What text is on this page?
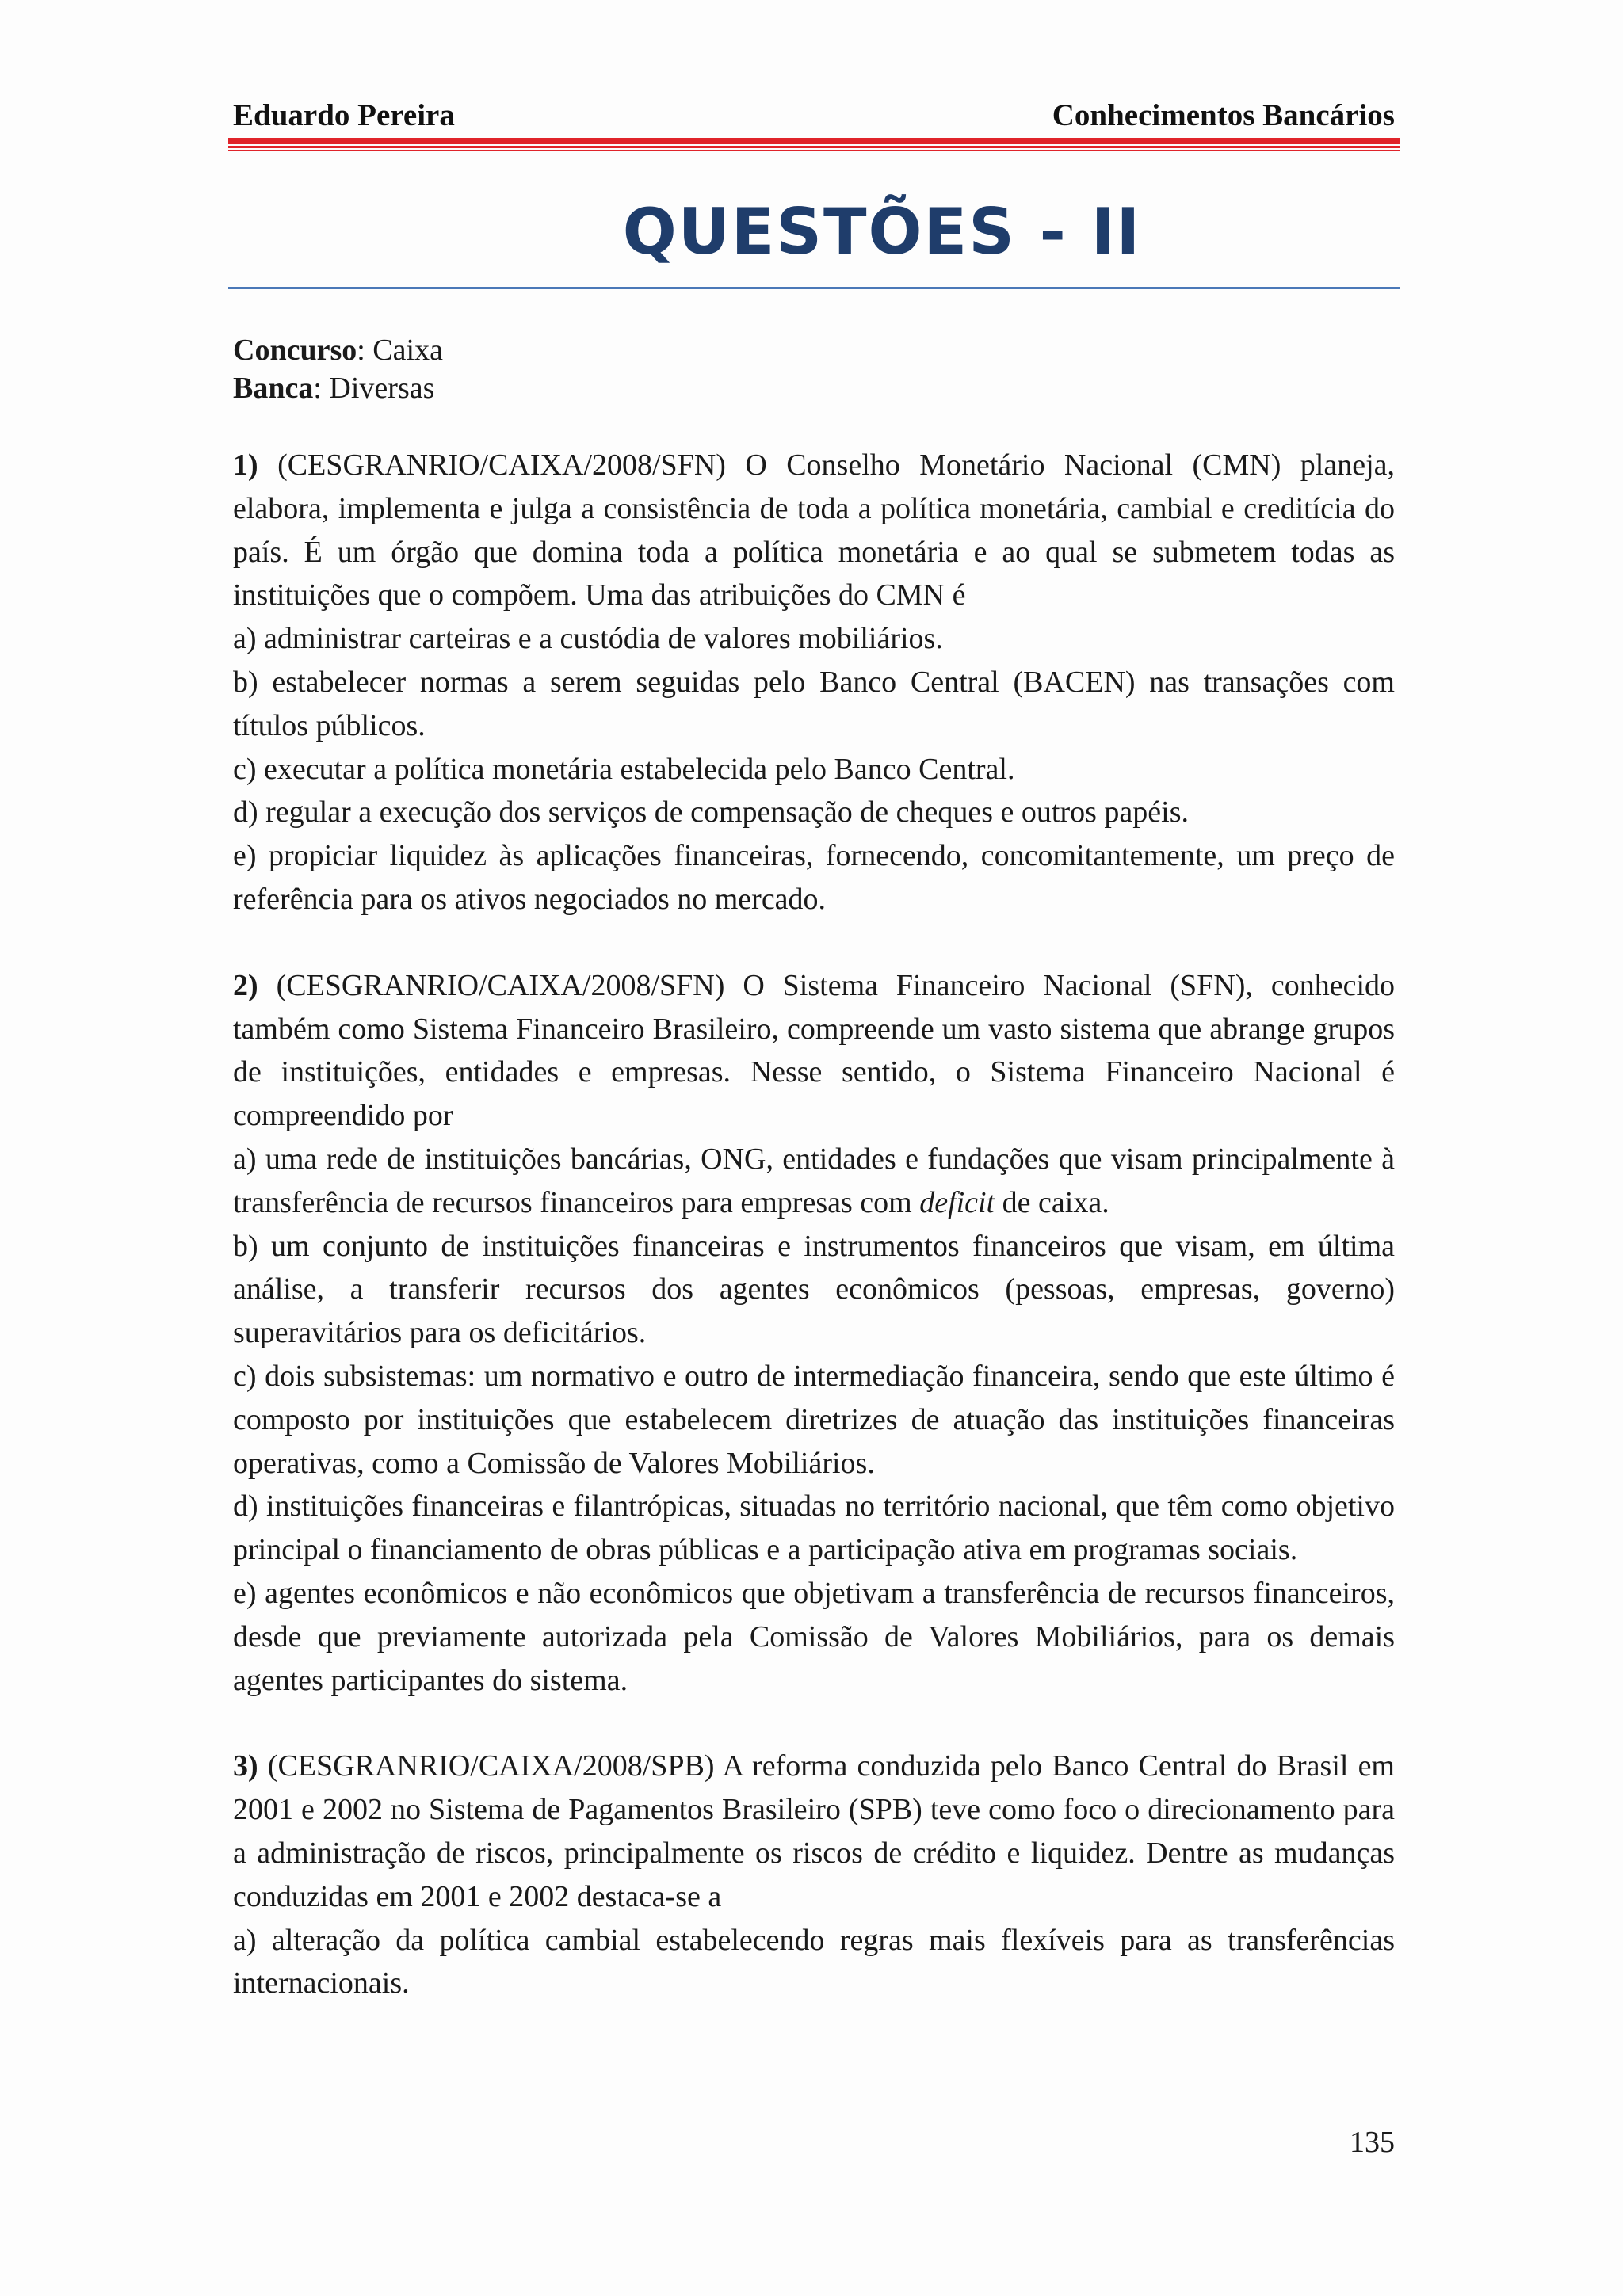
Eduardo Pereira	Conhecimentos Bancários
QUESTÕES - II
Concurso: Caixa
Banca: Diversas

1) (CESGRANRIO/CAIXA/2008/SFN) O Conselho Monetário Nacional (CMN) planeja, elabora, implementa e julga a consistência de toda a política monetária, cambial e creditícia do país. É um órgão que domina toda a política monetária e ao qual se submetem todas as instituições que o compõem. Uma das atribuições do CMN é

a) administrar carteiras e a custódia de valores mobiliários.

b) estabelecer normas a serem seguidas pelo Banco Central (BACEN) nas transações com títulos públicos.

c) executar a política monetária estabelecida pelo Banco Central.

d) regular a execução dos serviços de compensação de cheques e outros papéis.

e) propiciar liquidez às aplicações financeiras, fornecendo, concomitantemente, um preço de referência para os ativos negociados no mercado.

2) (CESGRANRIO/CAIXA/2008/SFN) O Sistema Financeiro Nacional (SFN), conhecido também como Sistema Financeiro Brasileiro, compreende um vasto sistema que abrange grupos de instituições, entidades e empresas. Nesse sentido, o Sistema Financeiro Nacional é compreendido por

a) uma rede de instituições bancárias, ONG, entidades e fundações que visam principalmente à transferência de recursos financeiros para empresas com deficit de caixa.

b) um conjunto de instituições financeiras e instrumentos financeiros que visam, em última análise, a transferir recursos dos agentes econômicos (pessoas, empresas, governo) superavitários para os deficitários.

c) dois subsistemas: um normativo e outro de intermediação financeira, sendo que este último é composto por instituições que estabelecem diretrizes de atuação das instituições financeiras operativas, como a Comissão de Valores Mobiliários.

d) instituições financeiras e filantrópicas, situadas no território nacional, que têm como objetivo principal o financiamento de obras públicas e a participação ativa em programas sociais.

e) agentes econômicos e não econômicos que objetivam a transferência de recursos financeiros, desde que previamente autorizada pela Comissão de Valores Mobiliários, para os demais agentes participantes do sistema.

3) (CESGRANRIO/CAIXA/2008/SPB) A reforma conduzida pelo Banco Central do Brasil em 2001 e 2002 no Sistema de Pagamentos Brasileiro (SPB) teve como foco o direcionamento para a administração de riscos, principalmente os riscos de crédito e liquidez. Dentre as mudanças conduzidas em 2001 e 2002 destaca-se a

a) alteração da política cambial estabelecendo regras mais flexíveis para as transferências internacionais.

135
